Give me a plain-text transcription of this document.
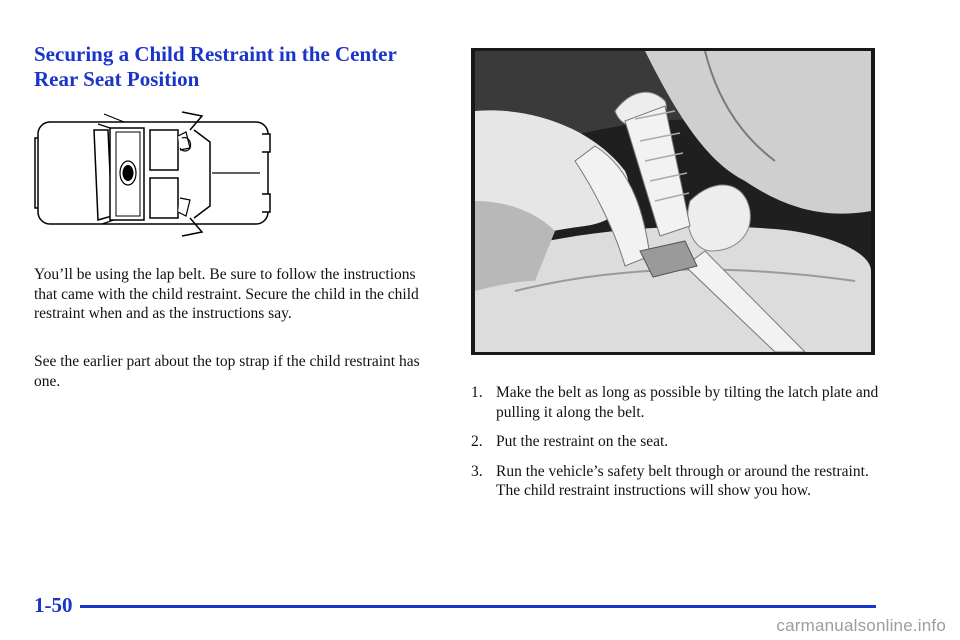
Securing a Child Restraint in the Center Rear Seat Position

You’ll be using the lap belt. Be sure to follow the instructions that came with the child restraint. Secure the child in the child restraint when and as the instructions say.

See the earlier part about the top strap if the child restraint has one.

1. Make the belt as long as possible by tilting the latch plate and pulling it along the belt.
2. Put the restraint on the seat.
3. Run the vehicle’s safety belt through or around the restraint. The child restraint instructions will show you how.
1-50
carmanualsonline.info
